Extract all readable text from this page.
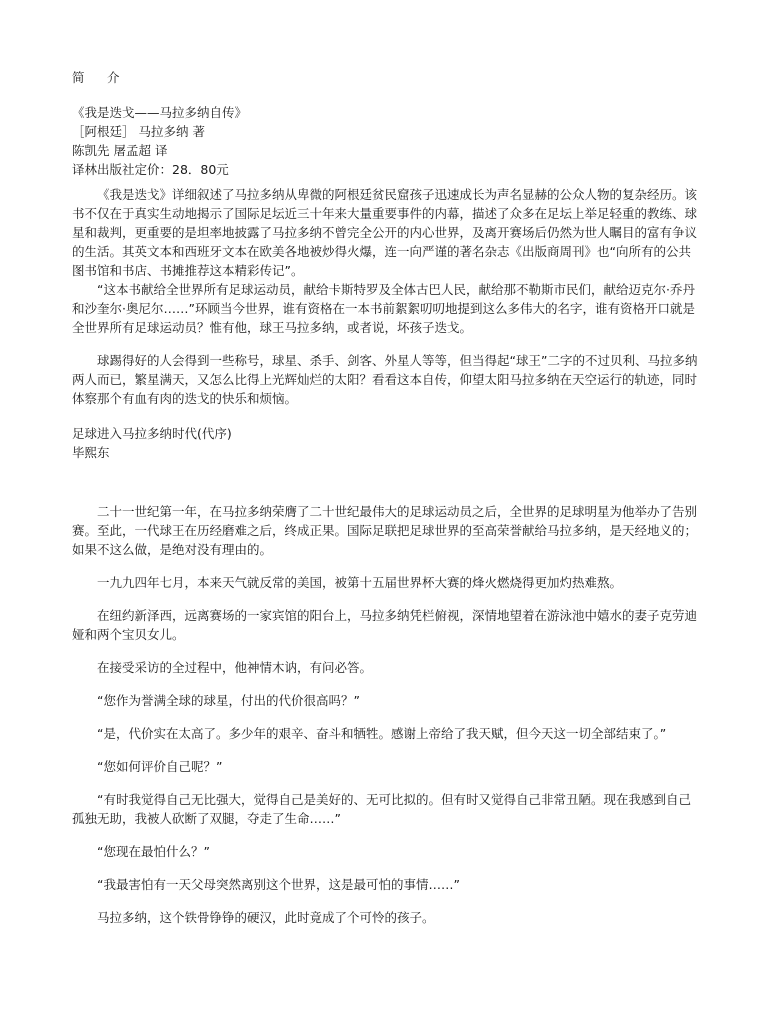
简 介

《我是迭戈——马拉多纳自传》

［阿根廷］ 马拉多纳 著

陈凯先 屠孟超 译

译林出版社定价：28．80元

《我是迭戈》详细叙述了马拉多纳从卑微的阿根廷贫民窟孩子迅速成长为声名显赫的公众人物的复杂经历。该书不仅在于真实生动地揭示了国际足坛近三十年来大量重要事件的内幕，描述了众多在足坛上举足轻重的教练、球星和裁判，更重要的是坦率地披露了马拉多纳不曾完全公开的内心世界，及离开赛场后仍然为世人瞩目的富有争议的生活。其英文本和西班牙文本在欧美各地被炒得火爆，连一向严谨的著名杂志《出版商周刊》也“向所有的公共图书馆和书店、书摊推荐这本精彩传记”。

“这本书献给全世界所有足球运动员，献给卡斯特罗及全体古巴人民，献给那不勒斯市民们，献给迈克尔·乔丹和沙奎尔·奥尼尔……”环顾当今世界，谁有资格在一本书前絮絮叨叨地提到这么多伟大的名字，谁有资格开口就是全世界所有足球运动员？惟有他，球王马拉多纳，或者说，坏孩子迭戈。

球踢得好的人会得到一些称号，球星、杀手、剑客、外星人等等，但当得起“球王”二字的不过贝利、马拉多纳两人而已，繁星满天，又怎么比得上光辉灿烂的太阳？看看这本自传，仰望太阳马拉多纳在天空运行的轨迹，同时体察那个有血有肉的迭戈的快乐和烦恼。

足球进入马拉多纳时代(代序)

毕熙东

二十一世纪第一年，在马拉多纳荣膺了二十世纪最伟大的足球运动员之后，全世界的足球明星为他举办了告别赛。至此，一代球王在历经磨难之后，终成正果。国际足联把足球世界的至高荣誉献给马拉多纳，是天经地义的；如果不这么做，是绝对没有理由的。

一九九四年七月，本来天气就反常的美国，被第十五届世界杯大赛的烽火燃烧得更加灼热难熬。

在纽约新泽西，远离赛场的一家宾馆的阳台上，马拉多纳凭栏俯视，深情地望着在游泳池中嬉水的妻子克劳迪娅和两个宝贝女儿。

在接受采访的全过程中，他神情木讷，有问必答。

“您作为誉满全球的球星，付出的代价很高吗？”

“是，代价实在太高了。多少年的艰辛、奋斗和牺牲。感谢上帝给了我天赋，但今天这一切全部结束了。”

“您如何评价自己呢？”

“有时我觉得自己无比强大，觉得自己是美好的、无可比拟的。但有时又觉得自己非常丑陋。现在我感到自己孤独无助，我被人砍断了双腿，夺走了生命……”

“您现在最怕什么？”

“我最害怕有一天父母突然离别这个世界，这是最可怕的事情……”

马拉多纳，这个铁骨铮铮的硬汉，此时竟成了个可怜的孩子。
